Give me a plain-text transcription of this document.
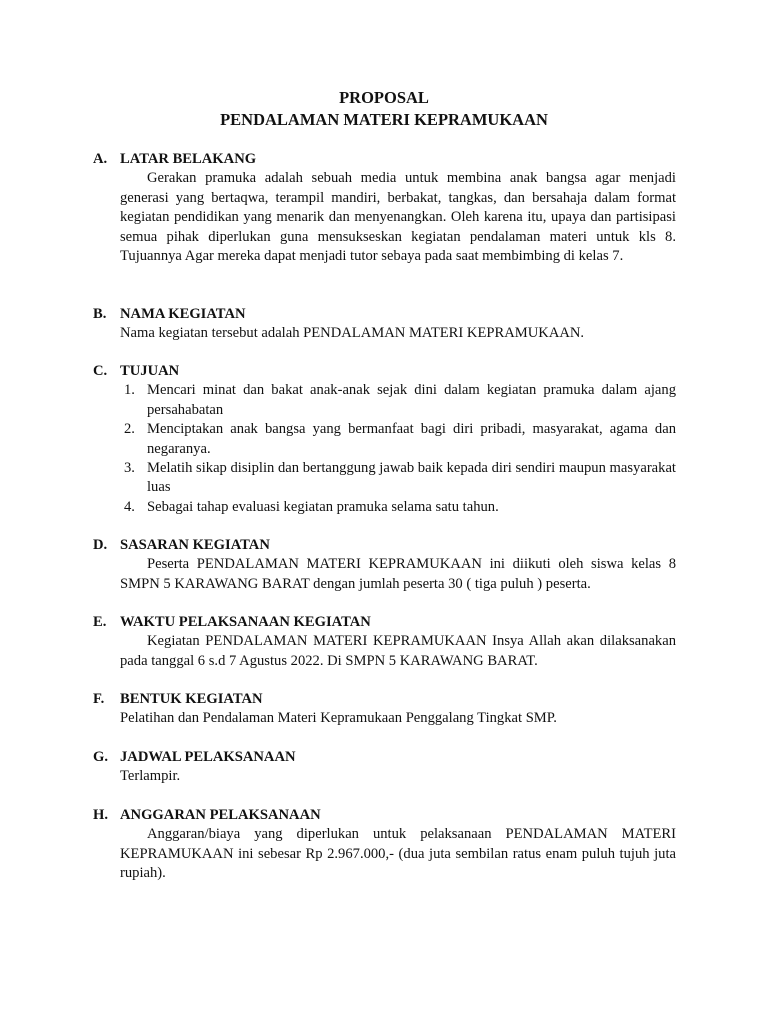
PROPOSAL
PENDALAMAN MATERI KEPRAMUKAAN
A. LATAR BELAKANG
Gerakan pramuka adalah sebuah media untuk membina anak bangsa agar menjadi generasi yang bertaqwa, terampil mandiri, berbakat, tangkas, dan bersahaja dalam format kegiatan pendidikan yang menarik dan menyenangkan. Oleh karena itu, upaya dan partisipasi semua pihak diperlukan guna mensukseskan kegiatan pendalaman materi untuk kls 8. Tujuannya Agar mereka dapat menjadi tutor sebaya pada saat membimbing di kelas 7.
B. NAMA KEGIATAN
Nama kegiatan tersebut adalah PENDALAMAN MATERI KEPRAMUKAAN.
C. TUJUAN
1. Mencari minat dan bakat anak-anak sejak dini dalam kegiatan pramuka dalam ajang persahabatan
2. Menciptakan anak bangsa yang bermanfaat bagi diri pribadi, masyarakat, agama dan negaranya.
3. Melatih sikap disiplin dan bertanggung jawab baik kepada diri sendiri maupun masyarakat luas
4. Sebagai tahap evaluasi kegiatan pramuka selama satu tahun.
D. SASARAN KEGIATAN
Peserta PENDALAMAN MATERI KEPRAMUKAAN ini diikuti oleh siswa kelas 8 SMPN 5 KARAWANG BARAT dengan jumlah peserta 30 ( tiga puluh ) peserta.
E. WAKTU PELAKSANAAN KEGIATAN
Kegiatan PENDALAMAN MATERI KEPRAMUKAAN Insya Allah akan dilaksanakan pada tanggal 6 s.d 7 Agustus 2022. Di SMPN 5 KARAWANG BARAT.
F.	BENTUK KEGIATAN
Pelatihan dan Pendalaman Materi Kepramukaan Penggalang Tingkat SMP.
G. JADWAL PELAKSANAAN
Terlampir.
H. ANGGARAN PELAKSANAAN
Anggaran/biaya yang diperlukan untuk pelaksanaan PENDALAMAN MATERI KEPRAMUKAAN ini sebesar Rp 2.967.000,- (dua juta sembilan ratus enam puluh tujuh juta rupiah).
